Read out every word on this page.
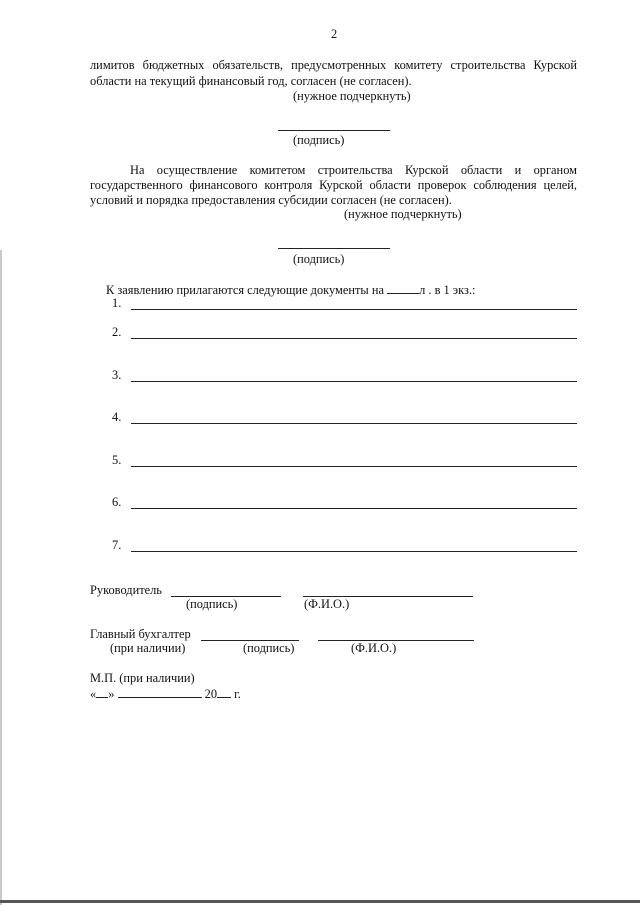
2
лимитов бюджетных обязательств, предусмотренных комитету строительства Курской
области на текущий финансовый год, согласен (не согласен).
(нужное подчеркнуть)
(подпись)
На осуществление комитетом строительства Курской области и органом
государственного финансового контроля Курской области проверок соблюдения целей,
условий и порядка предоставления субсидии согласен (не согласен).
(нужное подчеркнуть)
(подпись)
К заявлению прилагаются следующие документы на	л . в 1 экз.:
1.
2.
3.
4.
5.
6.
7.
Руководитель
(подпись)	(Ф.И.О.)
Главный бухгалтер
(при наличии)	(подпись)	(Ф.И.О.)
М.П. (при наличии)
« »	20 г.
